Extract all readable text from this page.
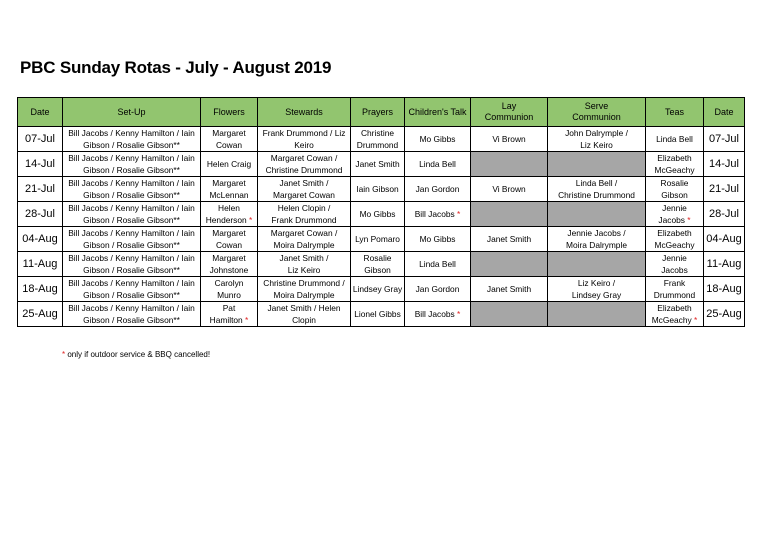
PBC Sunday Rotas - July - August 2019
Date	Set-Up	Flowers	Stewards	Prayers	Children's Talk	Lay Communion	Serve Communion	Teas	Date
07-Jul	Bill Jacobs / Kenny Hamilton / Iain
Gibson / Rosalie Gibson**	Margaret
Cowan	Frank Drummond / Liz
Keiro	Christine
Drummond	Mo Gibbs	Vi Brown	John Dalrymple /
Liz Keiro	Linda Bell	07-Jul
14-Jul	Bill Jacobs / Kenny Hamilton / Iain
Gibson / Rosalie Gibson**	Helen Craig	Margaret Cowan /
Christine Drummond	Janet Smith	Linda Bell			Elizabeth
McGeachy	14-Jul
21-Jul	Bill Jacobs / Kenny Hamilton / Iain
Gibson / Rosalie Gibson**	Margaret
McLennan	Janet Smith /
Margaret Cowan	Iain Gibson	Jan Gordon	Vi Brown	Linda Bell /
Christine Drummond	Rosalie
Gibson	21-Jul
28-Jul	Bill Jacobs / Kenny Hamilton / Iain
Gibson / Rosalie Gibson**	Helen
Henderson *	Helen Clopin /
Frank Drummond	Mo Gibbs	Bill Jacobs *			Jennie
Jacobs *	28-Jul
04-Aug	Bill Jacobs / Kenny Hamilton / Iain
Gibson / Rosalie Gibson**	Margaret
Cowan	Margaret Cowan /
Moira Dalrymple	Lyn Pomaro	Mo Gibbs	Janet Smith	Jennie Jacobs /
Moira Dalrymple	Elizabeth
McGeachy	04-Aug
11-Aug	Bill Jacobs / Kenny Hamilton / Iain
Gibson / Rosalie Gibson**	Margaret
Johnstone	Janet Smith /
Liz Keiro	Rosalie
Gibson	Linda Bell			Jennie
Jacobs	11-Aug
18-Aug	Bill Jacobs / Kenny Hamilton / Iain
Gibson / Rosalie Gibson**	Carolyn
Munro	Christine Drummond /
Moira Dalrymple	Lindsey Gray	Jan Gordon	Janet Smith	Liz Keiro /
Lindsey Gray	Frank
Drummond	18-Aug
25-Aug	Bill Jacobs / Kenny Hamilton / Iain
Gibson / Rosalie Gibson**	Pat
Hamilton *	Janet Smith / Helen
Clopin	Lionel Gibbs	Bill Jacobs *			Elizabeth
McGeachy *	25-Aug
* only if outdoor service & BBQ cancelled!
